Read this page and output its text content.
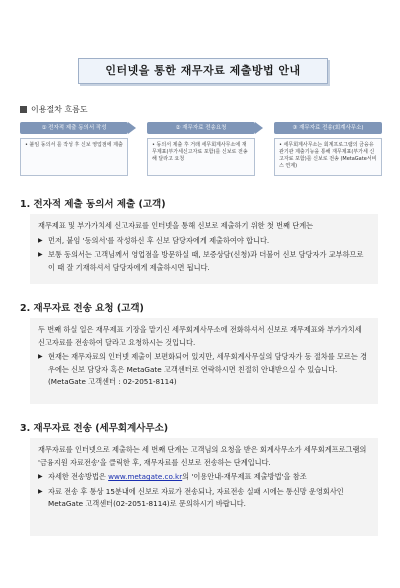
인터넷을 통한 재무자료 제출방법 안내
이용절차 흐름도
① 전자적 제출 동의서 작성
• 붙임 동의서 를 작성 후 신보 영업점에 제출
② 재무자료 전송요청
• 동의서 제출 후 거래 세무회계사무소에 재무제표(부가세신고자료 포함)를 신보로 전송해 달라고 요청
③ 재무자료 전송(회계사무소)
• 세무회계사무소는 회계프로그램의 금융유관기관 제출기능을 통해 재무제표(부가세 신고자료 포함)를 신보로 전송 (MetaGate서비스 연계)
1. 전자적 제출 동의서 제출 (고객)

재무제표 및 부가가치세 신고자료를 인터넷을 통해 신보로 제출하기 위한 첫 번째 단계는

▶ 먼저, 붙임 '동의서'를 작성하신 후 신보 담당자에게 제출하여야 합니다.
▶ 보통 동의서는 고객님께서 영업점을 방문하실 때, 보증상담(신청)과 더불어 신보 담당자가 교부하므로 이 때 잘 기재하셔서 담당자에게 제출하시면 됩니다.
2. 재무자료 전송 요청 (고객)

두 번째 하실 일은 재무제표 기장을 맡기신 세무회계사무소에 전화하셔서 신보로 재무제표와 부가가치세 신고자료를 전송하여 달라고 요청하시는 것입니다.

▶ 현재는 재무자료의 인터넷 제출이 보편화되어 있지만, 세무회계사무실의 담당자가 동 절차를 모르는 경우에는 신보 담당자 혹은 MetaGate 고객센터로 연락하시면 친절히 안내받으실 수 있습니다. (MetaGate 고객센터 : 02-2051-8114)
3. 재무자료 전송 (세무회계사무소)

재무자료를 인터넷으로 제출하는 세 번째 단계는 고객님의 요청을 받은 회계사무소가 세무회계프로그램의 '금융지원 자료전송'을 클릭한 후, 재무자료를 신보로 전송하는 단계입니다.

▶ 자세한 전송방법은 www.metagate.co.kr의 '이용안내-재무제표 제출방법'을 참조
▶ 자료 전송 후 통상 15분내에 신보로 자료가 전송되나, 자료전송 실패 시에는 통신망 운영회사인 MetaGate 고객센터(02-2051-8114)로 문의하시기 바랍니다.
